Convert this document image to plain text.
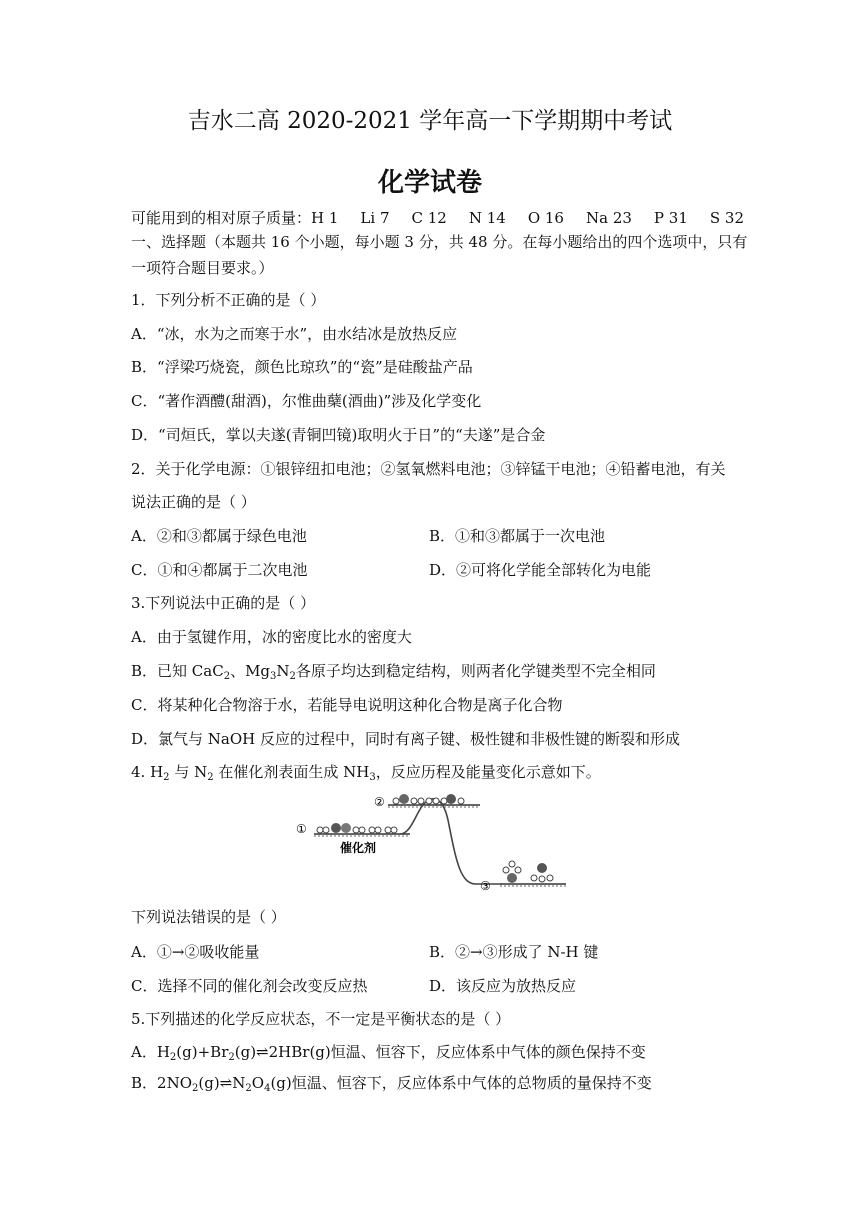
吉水二高 2020-2021 学年高一下学期期中考试
化学试卷
可能用到的相对原子质量：H 1 Li 7 C 12 N 14 O 16 Na 23 P 31 S 32
一、选择题（本题共 16 个小题，每小题 3 分，共 48 分。在每小题给出的四个选项中，只有
一项符合题目要求。）
1．下列分析不正确的是（ ）
A．“冰，水为之而寒于水”，由水结冰是放热反应
B．“浮梁巧烧瓷，颜色比琼玖”的“瓷”是硅酸盐产品
C．“著作酒醴(甜酒)，尔惟曲蘖(酒曲)”涉及化学变化
D．“司烜氏，掌以夫遂(青铜凹镜)取明火于日”的“夫遂”是合金
2．关于化学电源：①银锌纽扣电池；②氢氧燃料电池；③锌锰干电池；④铅蓄电池，有关
说法正确的是（ ）
A．②和③都属于绿色电池	B．①和③都属于一次电池
C．①和④都属于二次电池	D．②可将化学能全部转化为电能
3.下列说法中正确的是（ ）
A．由于氢键作用，冰的密度比水的密度大
B．已知 CaC$_2$、$Mg_3N_2$各原子均达到稳定结构，则两者化学键类型不完全相同
C．将某种化合物溶于水，若能导电说明这种化合物是离子化合物
D．氯气与 NaOH 反应的过程中，同时有离子键、极性键和非极性键的断裂和形成
4. $H_2$ 与 $N_2$ 在催化剂表面生成 $NH_3$，反应历程及能量变化示意如下。
①
②
③
催化剂
下列说法错误的是（ ）
A．①→②吸收能量	B．②→③形成了 N-H 键
C．选择不同的催化剂会改变反应热	D．该反应为放热反应
5.下列描述的化学反应状态，不一定是平衡状态的是（ ）
A．$H_2(g)+Br_2(g)\rightleftharpoons 2HBr(g)$恒温、恒容下，反应体系中气体的颜色保持不变
B．$2NO_2(g)\rightleftharpoons N_2O_4(g)$恒温、恒容下，反应体系中气体的总物质的量保持不变
